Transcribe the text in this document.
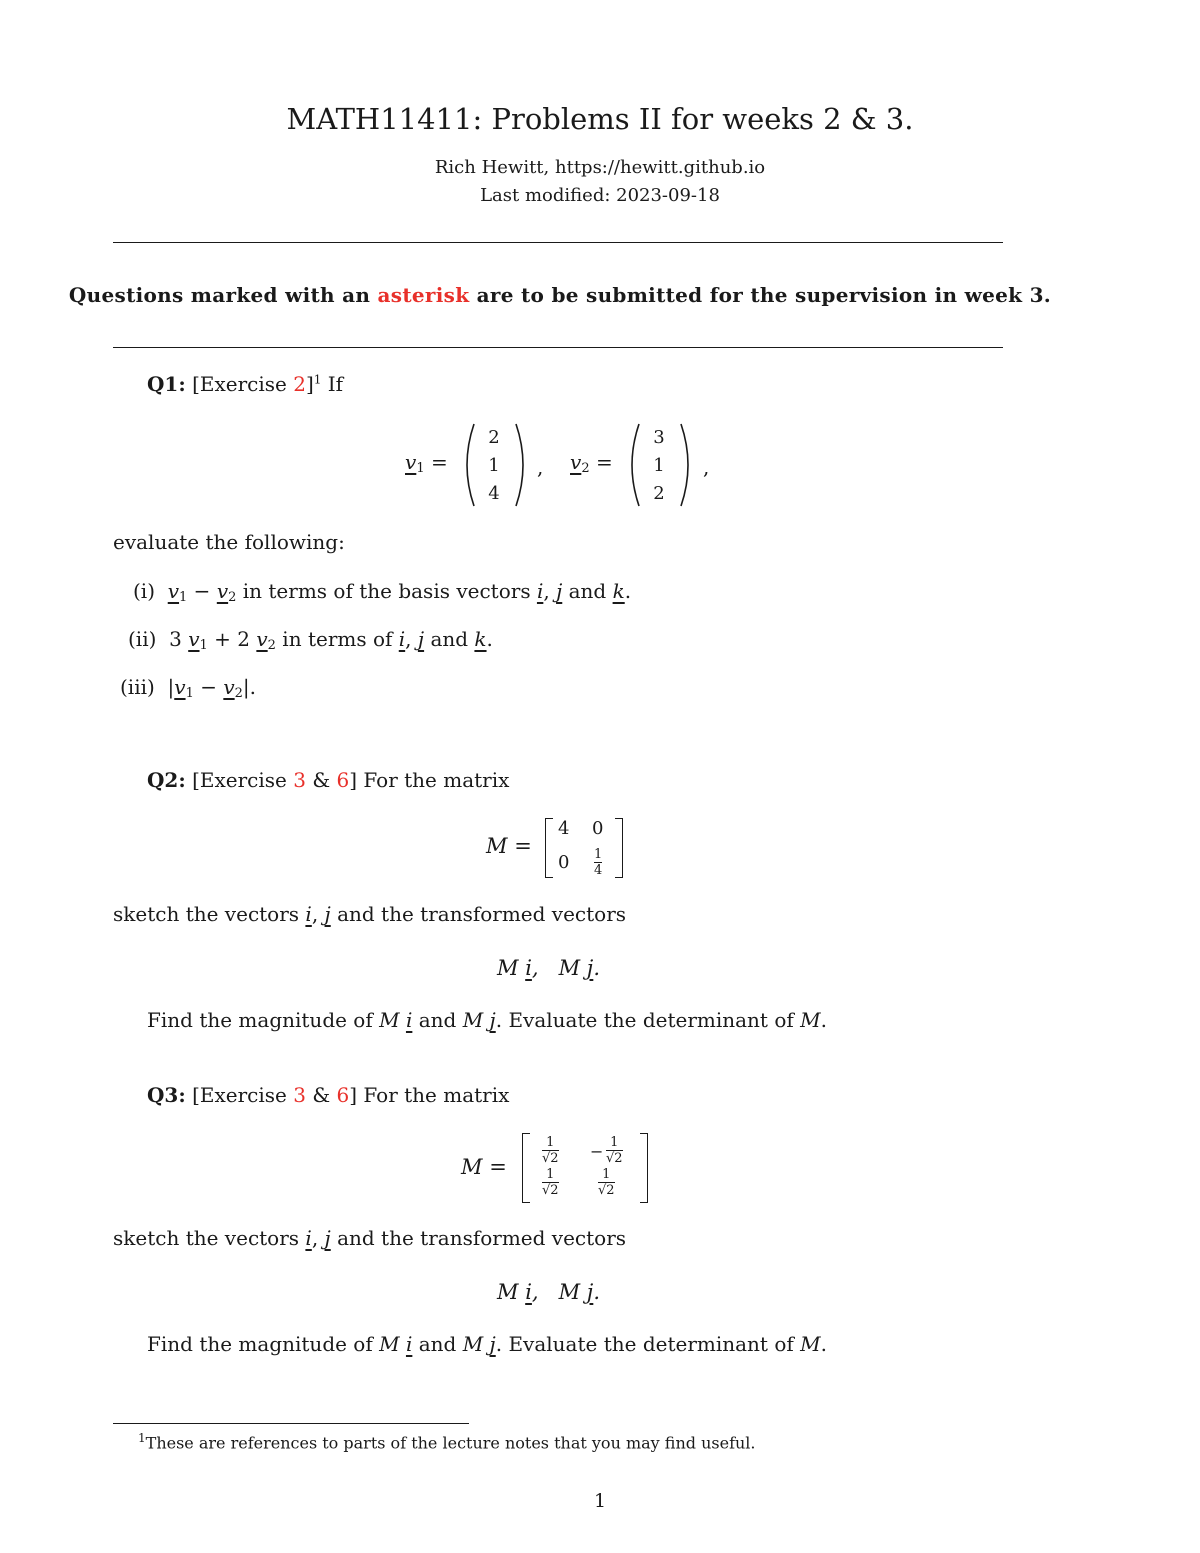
MATH11411: Problems II for weeks 2 & 3.
Rich Hewitt, https://hewitt.github.io
Last modified: 2023-09-18
Questions marked with an asterisk are to be submitted for the supervision in week 3.
Q1: [Exercise 2]$^1$ If
$v_1$ =
2
1
4
, $v_2$ =
3
1
2
,
evaluate the following:
(i) $v_1 - v_2$ in terms of the basis vectors i, j and k.
(ii)  3 $v_1 + 2$ $v_2$ in terms of i, j and k.
(iii)  $|v_1 - v_2|$.
Q2: [Exercise 3 & 6] For the matrix
M =
4 0
0 1
4
sketch the vectors i, j and the transformed vectors
M i,   M j.
Find the magnitude of M i and M j. Evaluate the determinant of M.
Q3: [Exercise 3 & 6] For the matrix
M =
1
√2 − 1
√2
1
√2
1
√2
sketch the vectors i, j and the transformed vectors
M i,   M j.
Find the magnitude of M i and M j. Evaluate the determinant of M.
$^1$These are references to parts of the lecture notes that you may find useful.
1
